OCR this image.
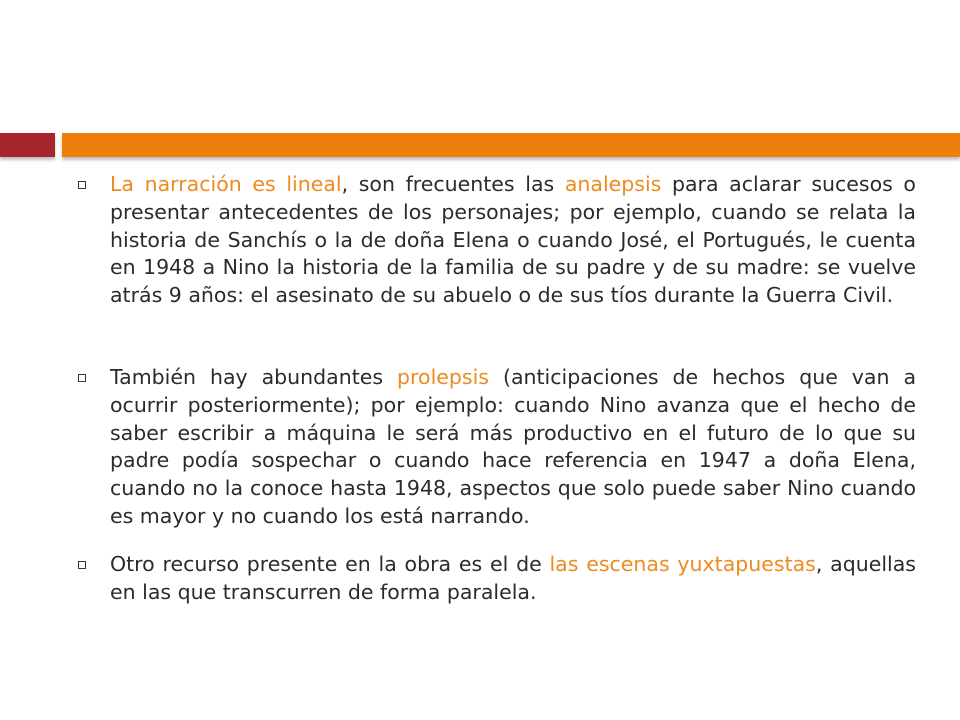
La narración es lineal, son frecuentes las analepsis para aclarar sucesos o presentar antecedentes de los personajes; por ejemplo, cuando se relata la historia de Sanchís o la de doña Elena o cuando José, el Portugués, le cuenta en 1948 a Nino la historia de la familia de su padre y de su madre: se vuelve atrás 9 años: el asesinato de su abuelo o de sus tíos durante la Guerra Civil.
También hay abundantes prolepsis (anticipaciones de hechos que van a ocurrir posteriormente); por ejemplo: cuando Nino avanza que el hecho de saber escribir a máquina le será más productivo en el futuro de lo que su padre podía sospechar o cuando hace referencia en 1947 a doña Elena, cuando no la conoce hasta 1948, aspectos que solo puede saber Nino cuando es mayor y no cuando los está narrando.
Otro recurso presente en la obra es el de las escenas yuxtapuestas, aquellas en las que transcurren de forma paralela.
